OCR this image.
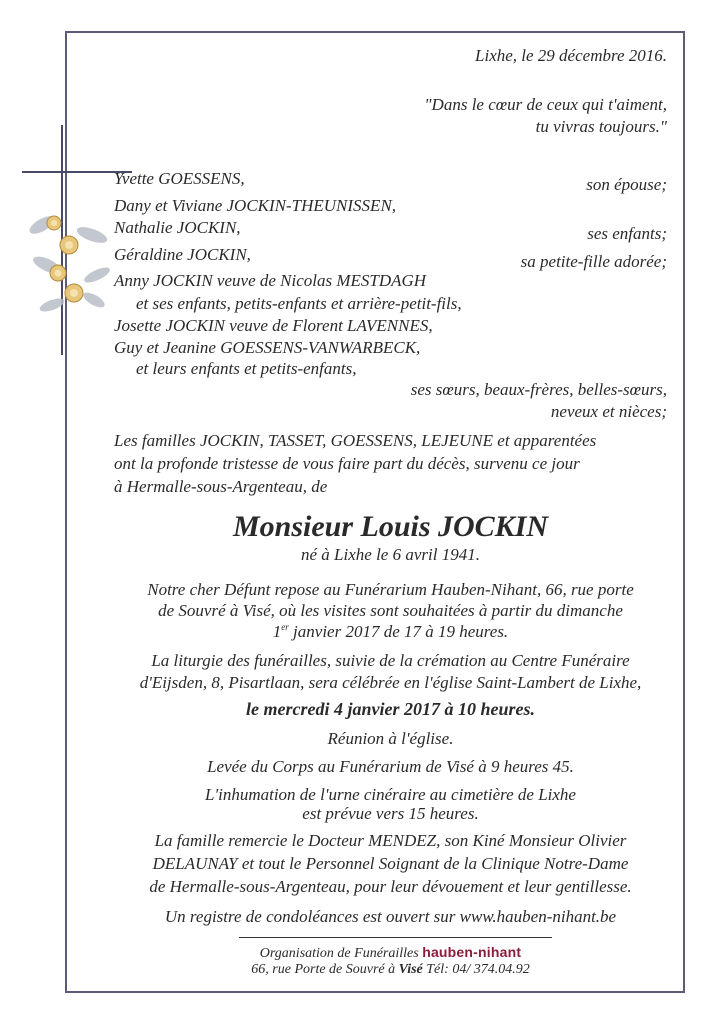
Lixhe, le 29 décembre 2016.
"Dans le cœur de ceux qui t'aiment,
tu vivras toujours."
Yvette GOESSENS,	son épouse;
Dany et Viviane JOCKIN-THEUNISSEN,
Nathalie JOCKIN,	ses enfants;
Géraldine JOCKIN,	sa petite-fille adorée;
Anny JOCKIN veuve de Nicolas MESTDAGH
et ses enfants, petits-enfants et arrière-petit-fils,
Josette JOCKIN veuve de Florent LAVENNES,
Guy et Jeanine GOESSENS-VANWARBECK,
et leurs enfants et petits-enfants,
ses sœurs, beaux-frères, belles-sœurs,
neveux et nièces;
Les familles JOCKIN, TASSET, GOESSENS, LEJEUNE et apparentées
ont la profonde tristesse de vous faire part du décès, survenu ce jour
à Hermalle-sous-Argenteau, de
Monsieur Louis JOCKIN
né à Lixhe le 6 avril 1941.
Notre cher Défunt repose au Funérarium Hauben-Nihant, 66, rue porte
de Souvré à Visé, où les visites sont souhaitées à partir du dimanche
1er janvier 2017 de 17 à 19 heures.
La liturgie des funérailles, suivie de la crémation au Centre Funéraire
d'Eijsden, 8, Pisartlaan, sera célébrée en l'église Saint-Lambert de Lixhe,
le mercredi 4 janvier 2017 à 10 heures.
Réunion à l'église.
Levée du Corps au Funérarium de Visé à 9 heures 45.
L'inhumation de l'urne cinéraire au cimetière de Lixhe
est prévue vers 15 heures.
La famille remercie le Docteur MENDEZ, son Kiné Monsieur Olivier
DELAUNAY et tout le Personnel Soignant de la Clinique Notre-Dame
de Hermalle-sous-Argenteau, pour leur dévouement et leur gentillesse.
Un registre de condoléances est ouvert sur www.hauben-nihant.be
Organisation de Funérailles hauben-nihant
66, rue Porte de Souvré à Visé Tél: 04/ 374.04.92
